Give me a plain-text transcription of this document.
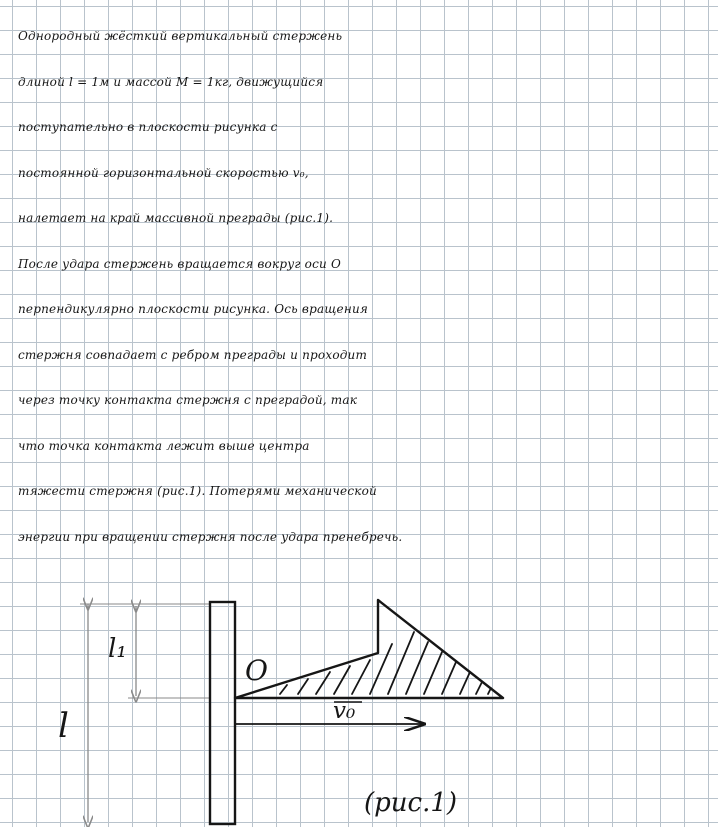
Однородный жёсткий вертикальный стержень
длиной l = 1м и массой M = 1кг, движущийся
поступательно в плоскости рисунка с
постоянной горизонтальной скоростью v₀,
налетает на край массивной преграды (рис.1).
После удара стержень вращается вокруг оси O
перпендикулярно плоскости рисунка. Ось вращения
стержня совпадает с ребром преграды и проходит
через точку контакта стержня с преградой, так
что точка контакта лежит выше центра
тяжести стержня (рис.1). Потерями механической
энергии при вращении стержня после удара пренебречь.
l₁
l
O
v₀
(рис.1)
